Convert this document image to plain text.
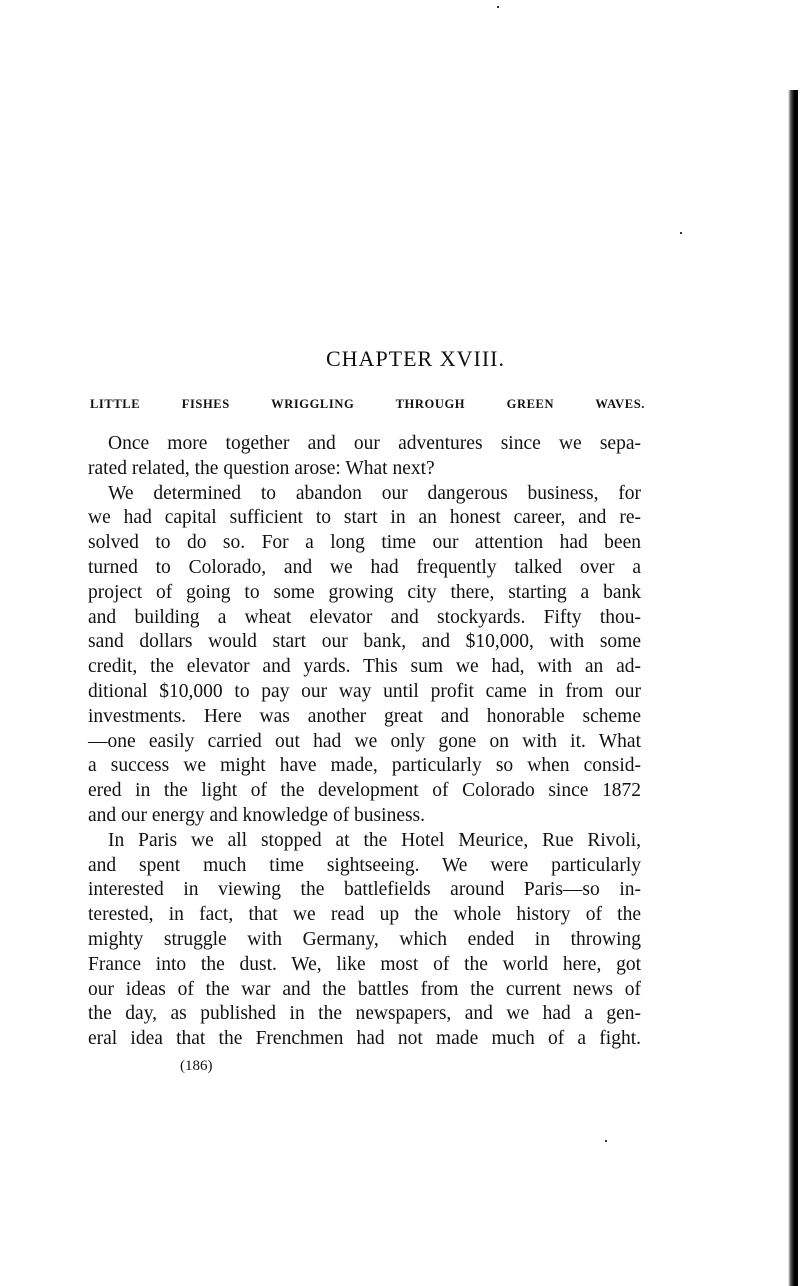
CHAPTER XVIII.
LITTLE FISHES WRIGGLING THROUGH GREEN WAVES.
Once more together and our adventures since we sepa-
rated related, the question arose: What next?
We determined to abandon our dangerous business, for
we had capital sufficient to start in an honest career, and re-
solved to do so. For a long time our attention had been
turned to Colorado, and we had frequently talked over a
project of going to some growing city there, starting a bank
and building a wheat elevator and stockyards. Fifty thou-
sand dollars would start our bank, and $10,000, with some
credit, the elevator and yards. This sum we had, with an ad-
ditional $10,000 to pay our way until profit came in from our
investments. Here was another great and honorable scheme
—one easily carried out had we only gone on with it. What
a success we might have made, particularly so when consid-
ered in the light of the development of Colorado since 1872
and our energy and knowledge of business.
In Paris we all stopped at the Hotel Meurice, Rue Rivoli,
and spent much time sightseeing. We were particularly
interested in viewing the battlefields around Paris—so in-
terested, in fact, that we read up the whole history of the
mighty struggle with Germany, which ended in throwing
France into the dust. We, like most of the world here, got
our ideas of the war and the battles from the current news of
the day, as published in the newspapers, and we had a gen-
eral idea that the Frenchmen had not made much of a fight.
(186)
